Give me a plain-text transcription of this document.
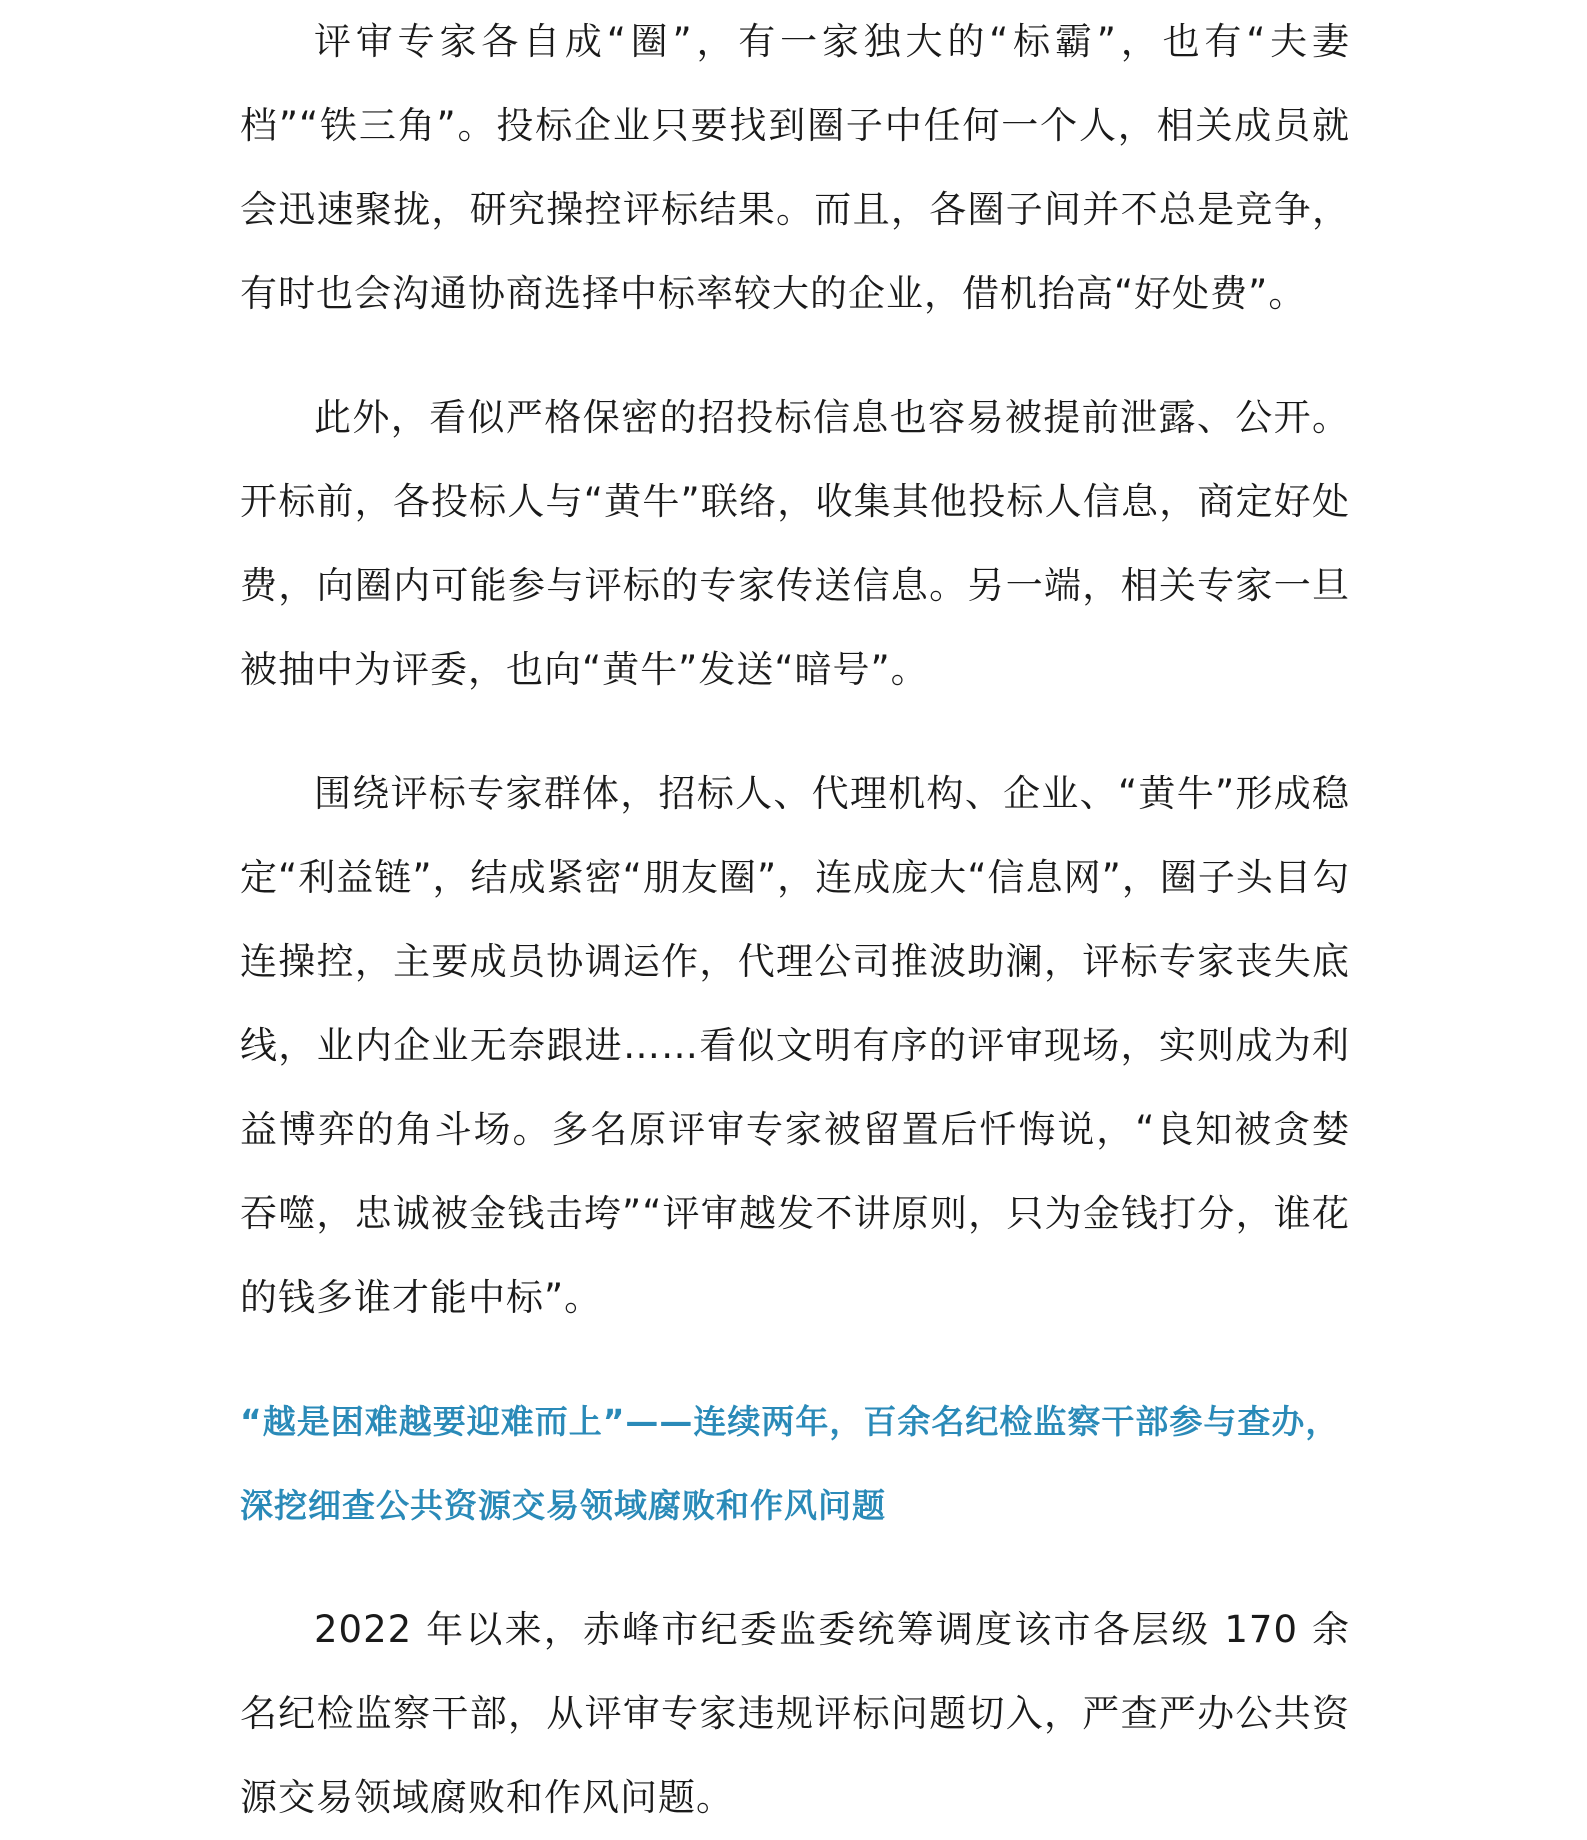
评审专家各自成“圈”，有一家独大的“标霸”，也有“夫妻档”“铁三角”。投标企业只要找到圈子中任何一个人，相关成员就会迅速聚拢，研究操控评标结果。而且，各圈子间并不总是竞争，有时也会沟通协商选择中标率较大的企业，借机抬高“好处费”。

此外，看似严格保密的招投标信息也容易被提前泄露、公开。开标前，各投标人与“黄牛”联络，收集其他投标人信息，商定好处费，向圈内可能参与评标的专家传送信息。另一端，相关专家一旦被抽中为评委，也向“黄牛”发送“暗号”。

围绕评标专家群体，招标人、代理机构、企业、“黄牛”形成稳定“利益链”，结成紧密“朋友圈”，连成庞大“信息网”，圈子头目勾连操控，主要成员协调运作，代理公司推波助澜，评标专家丧失底线，业内企业无奈跟进……看似文明有序的评审现场，实则成为利益博弈的角斗场。多名原评审专家被留置后忏悔说，“良知被贪婪吞噬，忠诚被金钱击垮”“评审越发不讲原则，只为金钱打分，谁花的钱多谁才能中标”。

“越是困难越要迎难而上”——连续两年，百余名纪检监察干部参与查办，深挖细查公共资源交易领域腐败和作风问题

2022 年以来，赤峰市纪委监委统筹调度该市各层级 170 余名纪检监察干部，从评审专家违规评标问题切入，严查严办公共资源交易领域腐败和作风问题。
